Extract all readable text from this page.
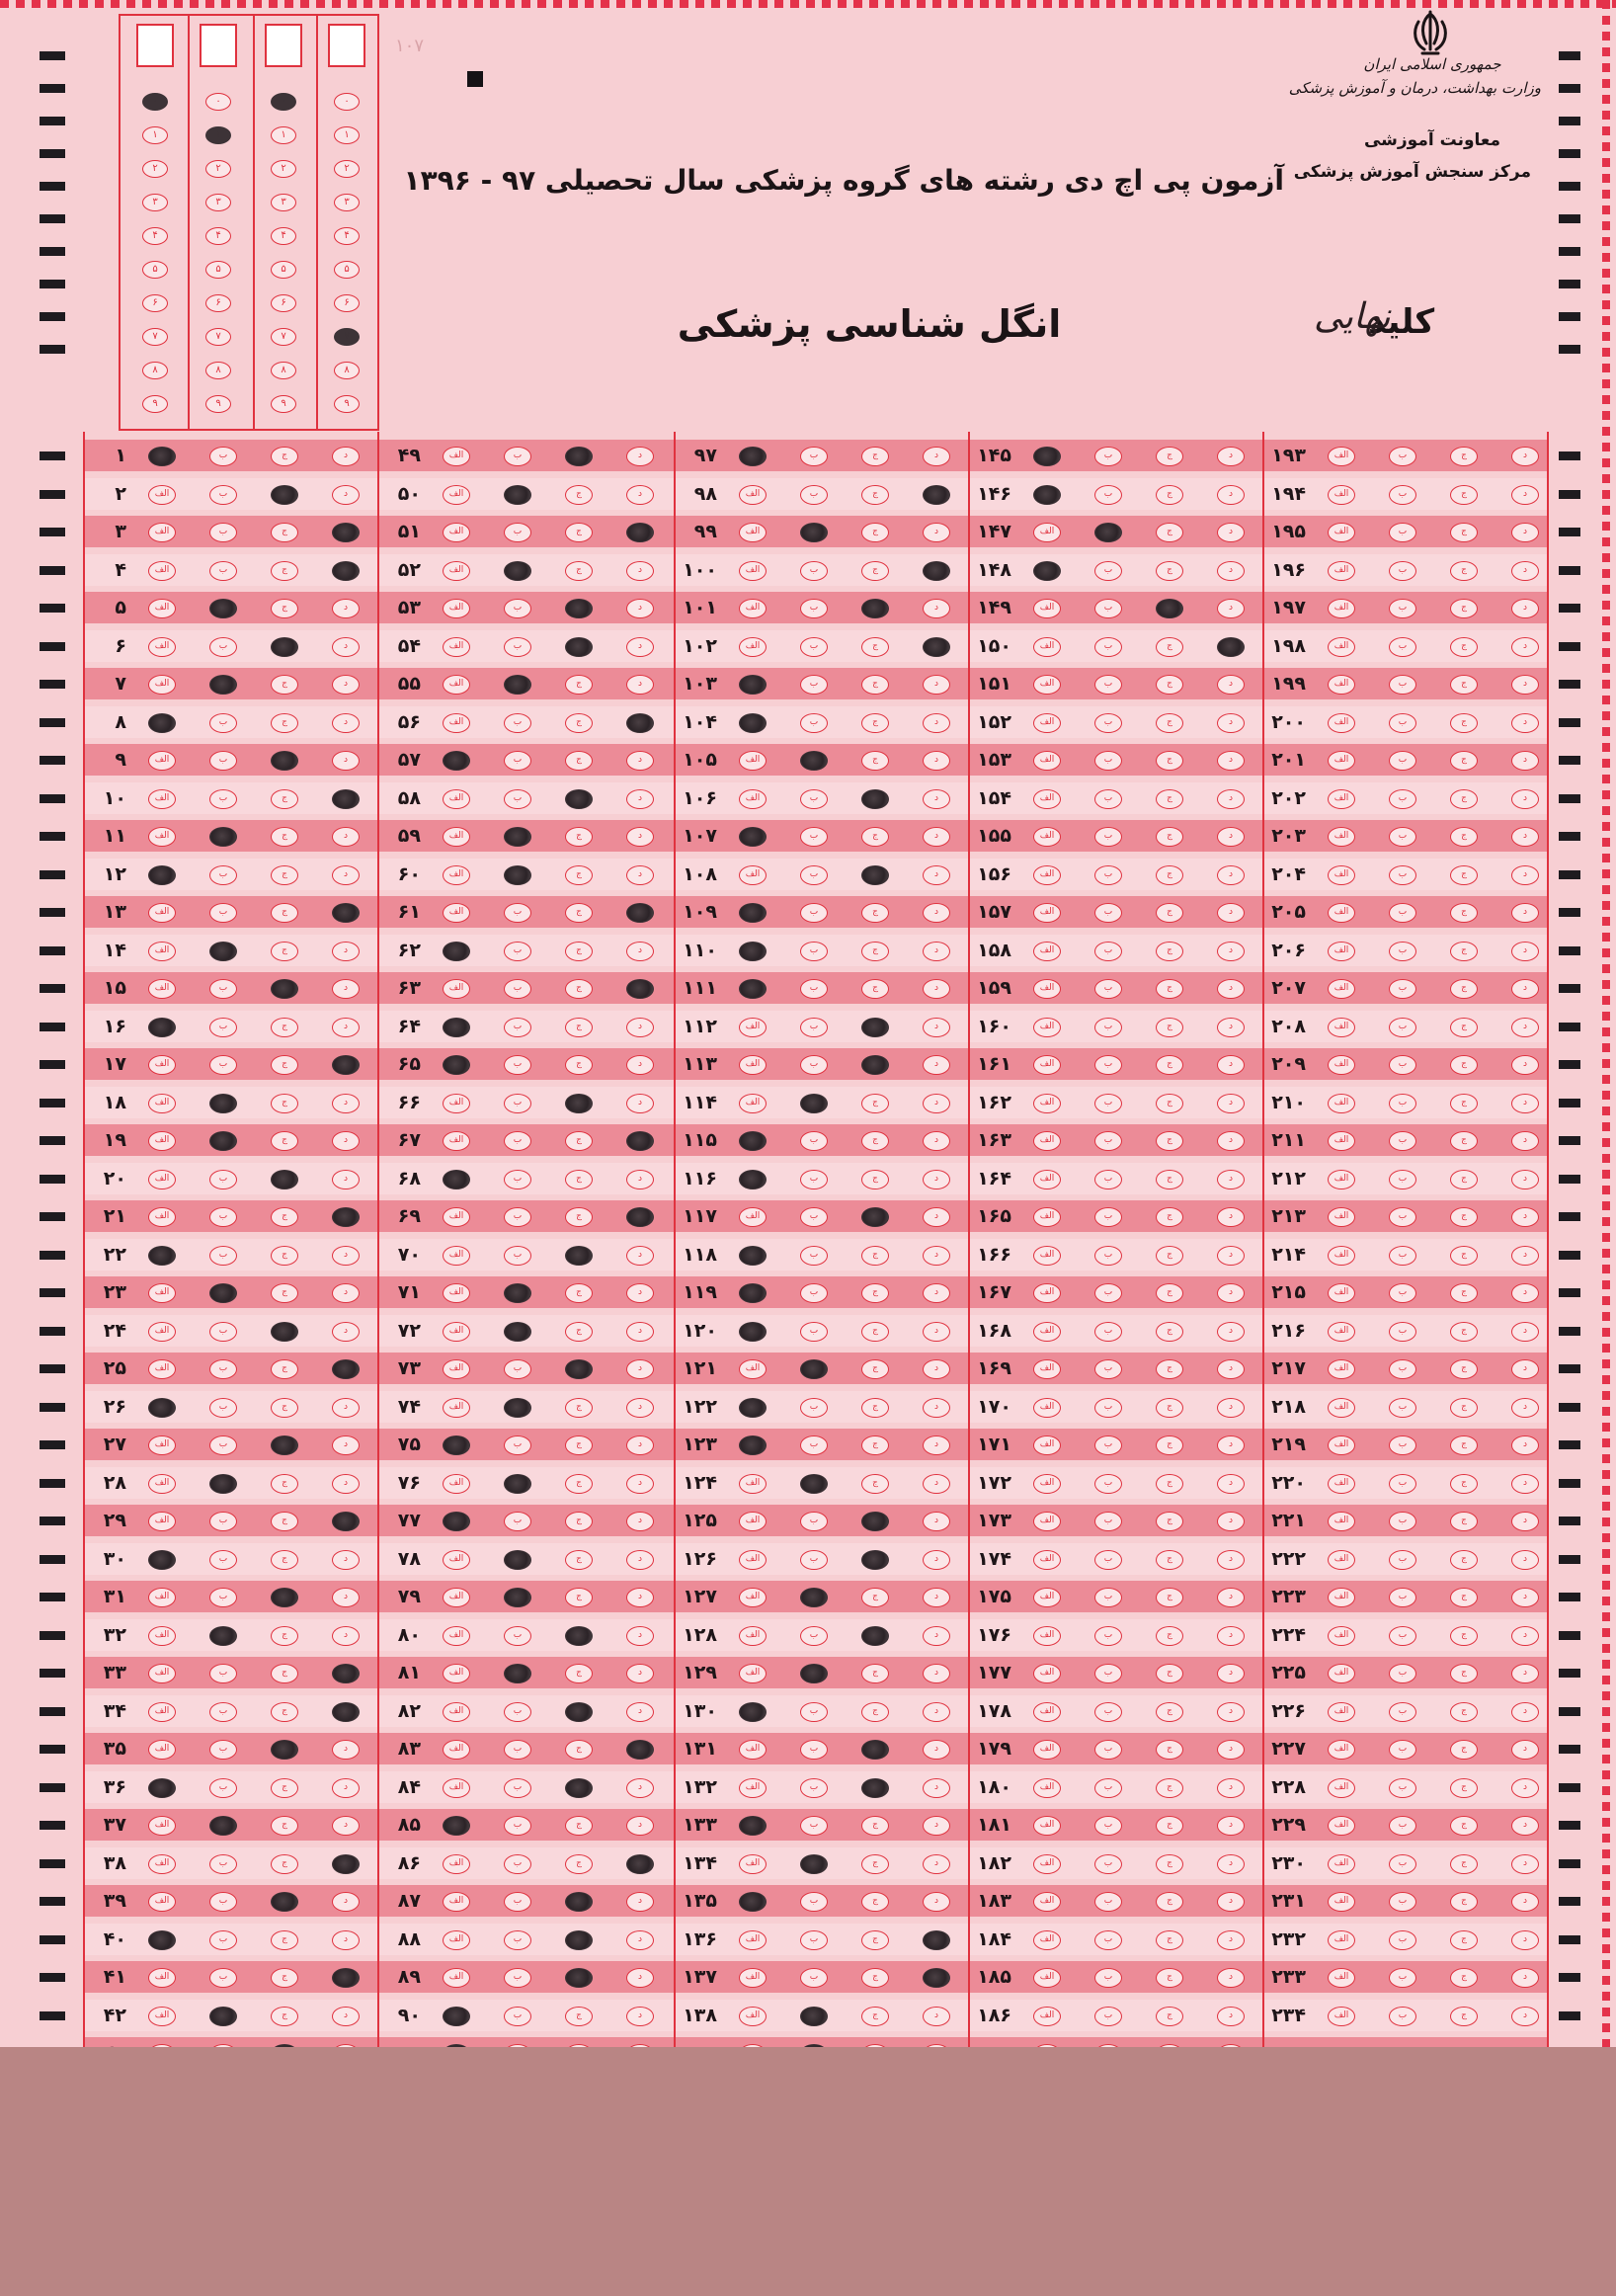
جمهوری اسلامی ایران
وزارت بهداشت، درمان و آموزش پزشکی
معاونت آموزشی
مرکز سنجش آموزش پزشکی
آزمون پی اچ دی رشته های گروه پزشکی سال تحصیلی ۹۷ - ۱۳۹۶
انگل شناسی پزشکی	کلید
نهایی
۱۰۷
۰
۱
۲
۳
۴
۵
۶
۷
۸
۹
۰
۱
۲
۳
۴
۵
۶
۷
۸
۹
۰
۱
۲
۳
۴
۵
۶
۷
۸
۹
۰
۱
۲
۳
۴
۵
۶
۷
۸
۹
۱	ب	ج	د
۲	الف	ب	د
۳	الف	ب	ج
۴	الف	ب	ج
۵	الف	ج	د
۶	الف	ب	د
۷	الف	ج	د
۸	ب	ج	د
۹	الف	ب	د
۱۰	الف	ب	ج
۱۱	الف	ج	د
۱۲	ب	ج	د
۱۳	الف	ب	ج
۱۴	الف	ج	د
۱۵	الف	ب	د
۱۶	ب	ج	د
۱۷	الف	ب	ج
۱۸	الف	ج	د
۱۹	الف	ج	د
۲۰	الف	ب	د
۲۱	الف	ب	ج
۲۲	ب	ج	د
۲۳	الف	ج	د
۲۴	الف	ب	د
۲۵	الف	ب	ج
۲۶	ب	ج	د
۲۷	الف	ب	د
۲۸	الف	ج	د
۲۹	الف	ب	ج
۳۰	ب	ج	د
۳۱	الف	ب	د
۳۲	الف	ج	د
۳۳	الف	ب	ج
۳۴	الف	ب	ج
۳۵	الف	ب	د
۳۶	ب	ج	د
۳۷	الف	ج	د
۳۸	الف	ب	ج
۳۹	الف	ب	د
۴۰	ب	ج	د
۴۱	الف	ب	ج
۴۲	الف	ج	د
۴۹	الف	ب	د
۵۰	الف	ج	د
۵۱	الف	ب	ج
۵۲	الف	ج	د
۵۳	الف	ب	د
۵۴	الف	ب	د
۵۵	الف	ج	د
۵۶	الف	ب	ج
۵۷	ب	ج	د
۵۸	الف	ب	د
۵۹	الف	ج	د
۶۰	الف	ج	د
۶۱	الف	ب	ج
۶۲	ب	ج	د
۶۳	الف	ب	ج
۶۴	ب	ج	د
۶۵	ب	ج	د
۶۶	الف	ب	د
۶۷	الف	ب	ج
۶۸	ب	ج	د
۶۹	الف	ب	ج
۷۰	الف	ب	د
۷۱	الف	ج	د
۷۲	الف	ج	د
۷۳	الف	ب	د
۷۴	الف	ج	د
۷۵	ب	ج	د
۷۶	الف	ج	د
۷۷	ب	ج	د
۷۸	الف	ج	د
۷۹	الف	ج	د
۸۰	الف	ب	د
۸۱	الف	ج	د
۸۲	الف	ب	د
۸۳	الف	ب	ج
۸۴	الف	ب	د
۸۵	ب	ج	د
۸۶	الف	ب	ج
۸۷	الف	ب	د
۸۸	الف	ب	د
۸۹	الف	ب	د
۹۰	ب	ج	د
۹۷	ب	ج	د
۹۸	الف	ب	ج
۹۹	الف	ج	د
۱۰۰	الف	ب	ج
۱۰۱	الف	ب	د
۱۰۲	الف	ب	ج
۱۰۳	ب	ج	د
۱۰۴	ب	ج	د
۱۰۵	الف	ج	د
۱۰۶	الف	ب	د
۱۰۷	ب	ج	د
۱۰۸	الف	ب	د
۱۰۹	ب	ج	د
۱۱۰	ب	ج	د
۱۱۱	ب	ج	د
۱۱۲	الف	ب	د
۱۱۳	الف	ب	د
۱۱۴	الف	ج	د
۱۱۵	ب	ج	د
۱۱۶	ب	ج	د
۱۱۷	الف	ب	د
۱۱۸	ب	ج	د
۱۱۹	ب	ج	د
۱۲۰	ب	ج	د
۱۲۱	الف	ج	د
۱۲۲	ب	ج	د
۱۲۳	ب	ج	د
۱۲۴	الف	ج	د
۱۲۵	الف	ب	د
۱۲۶	الف	ب	د
۱۲۷	الف	ج	د
۱۲۸	الف	ب	د
۱۲۹	الف	ج	د
۱۳۰	ب	ج	د
۱۳۱	الف	ب	د
۱۳۲	الف	ب	د
۱۳۳	ب	ج	د
۱۳۴	الف	ج	د
۱۳۵	ب	ج	د
۱۳۶	الف	ب	ج
۱۳۷	الف	ب	ج
۱۳۸	الف	ج	د
۱۴۵	ب	ج	د
۱۴۶	ب	ج	د
۱۴۷	الف	ج	د
۱۴۸	ب	ج	د
۱۴۹	الف	ب	د
۱۵۰	الف	ب	ج
۱۵۱	الف	ب	ج	د
۱۵۲	الف	ب	ج	د
۱۵۳	الف	ب	ج	د
۱۵۴	الف	ب	ج	د
۱۵۵	الف	ب	ج	د
۱۵۶	الف	ب	ج	د
۱۵۷	الف	ب	ج	د
۱۵۸	الف	ب	ج	د
۱۵۹	الف	ب	ج	د
۱۶۰	الف	ب	ج	د
۱۶۱	الف	ب	ج	د
۱۶۲	الف	ب	ج	د
۱۶۳	الف	ب	ج	د
۱۶۴	الف	ب	ج	د
۱۶۵	الف	ب	ج	د
۱۶۶	الف	ب	ج	د
۱۶۷	الف	ب	ج	د
۱۶۸	الف	ب	ج	د
۱۶۹	الف	ب	ج	د
۱۷۰	الف	ب	ج	د
۱۷۱	الف	ب	ج	د
۱۷۲	الف	ب	ج	د
۱۷۳	الف	ب	ج	د
۱۷۴	الف	ب	ج	د
۱۷۵	الف	ب	ج	د
۱۷۶	الف	ب	ج	د
۱۷۷	الف	ب	ج	د
۱۷۸	الف	ب	ج	د
۱۷۹	الف	ب	ج	د
۱۸۰	الف	ب	ج	د
۱۸۱	الف	ب	ج	د
۱۸۲	الف	ب	ج	د
۱۸۳	الف	ب	ج	د
۱۸۴	الف	ب	ج	د
۱۸۵	الف	ب	ج	د
۱۸۶	الف	ب	ج	د
۱۹۳	الف	ب	ج	د
۱۹۴	الف	ب	ج	د
۱۹۵	الف	ب	ج	د
۱۹۶	الف	ب	ج	د
۱۹۷	الف	ب	ج	د
۱۹۸	الف	ب	ج	د
۱۹۹	الف	ب	ج	د
۲۰۰	الف	ب	ج	د
۲۰۱	الف	ب	ج	د
۲۰۲	الف	ب	ج	د
۲۰۳	الف	ب	ج	د
۲۰۴	الف	ب	ج	د
۲۰۵	الف	ب	ج	د
۲۰۶	الف	ب	ج	د
۲۰۷	الف	ب	ج	د
۲۰۸	الف	ب	ج	د
۲۰۹	الف	ب	ج	د
۲۱۰	الف	ب	ج	د
۲۱۱	الف	ب	ج	د
۲۱۲	الف	ب	ج	د
۲۱۳	الف	ب	ج	د
۲۱۴	الف	ب	ج	د
۲۱۵	الف	ب	ج	د
۲۱۶	الف	ب	ج	د
۲۱۷	الف	ب	ج	د
۲۱۸	الف	ب	ج	د
۲۱۹	الف	ب	ج	د
۲۲۰	الف	ب	ج	د
۲۲۱	الف	ب	ج	د
۲۲۲	الف	ب	ج	د
۲۲۳	الف	ب	ج	د
۲۲۴	الف	ب	ج	د
۲۲۵	الف	ب	ج	د
۲۲۶	الف	ب	ج	د
۲۲۷	الف	ب	ج	د
۲۲۸	الف	ب	ج	د
۲۲۹	الف	ب	ج	د
۲۳۰	الف	ب	ج	د
۲۳۱	الف	ب	ج	د
۲۳۲	الف	ب	ج	د
۲۳۳	الف	ب	ج	د
۲۳۴	الف	ب	ج	د
